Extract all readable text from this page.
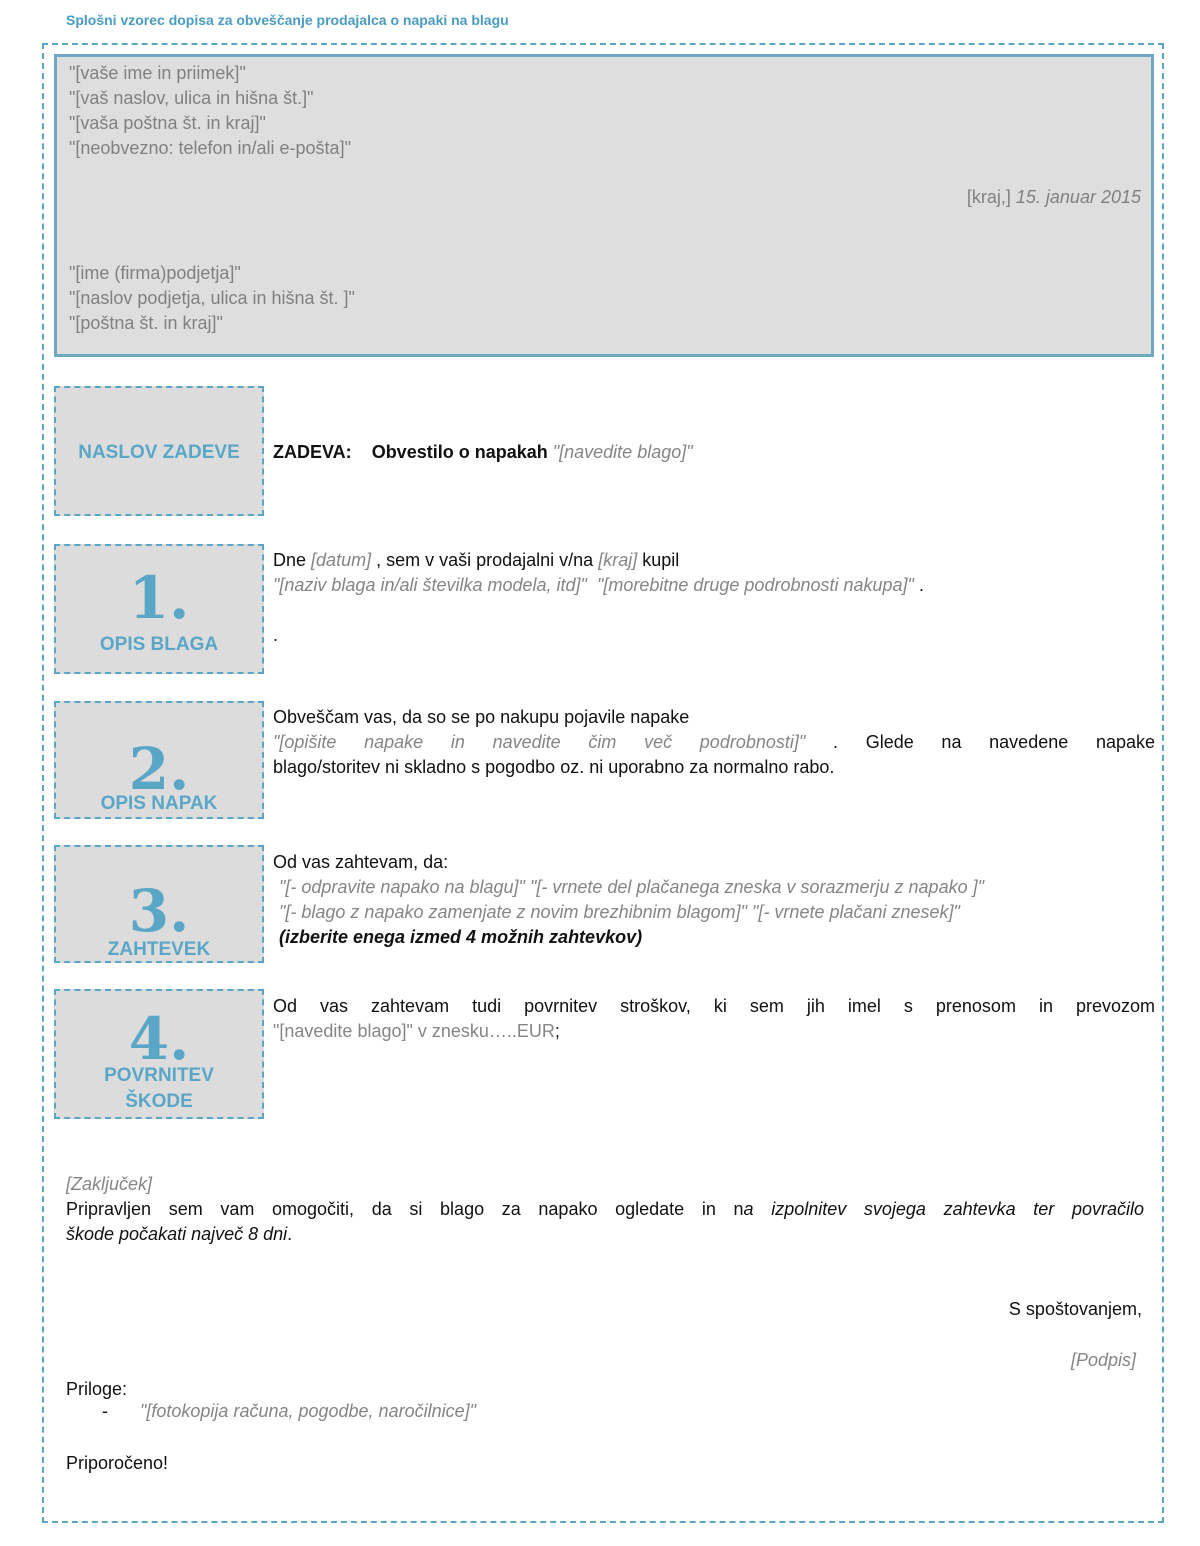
Splošni vzorec dopisa za obveščanje prodajalca o napaki na blagu
"[vaše ime in priimek]"
"[vaš naslov, ulica in hišna št.]"
"[vaša poštna št. in kraj]"
"[neobvezno: telefon in/ali e-pošta]"
[kraj,] 15. januar 2015
"[ime (firma)podjetja]"
"[naslov podjetja, ulica in hišna št. ]"
"[poštna št. in kraj]"
NASLOV ZADEVE	ZADEVA: Obvestilo o napakah "[navedite blago]"
1.
OPIS BLAGA
Dne [datum] , sem v vaši prodajalni v/na [kraj] kupil
"[naziv blaga in/ali številka modela, itd]" "[morebitne druge podrobnosti nakupa]" .
.
2.
OPIS NAPAK
Obveščam vas, da so se po nakupu pojavile napake
"[opišite napake in navedite čim več podrobnosti]" . Glede na navedene napake
blago/storitev ni skladno s pogodbo oz. ni uporabno za normalno rabo.
3.
ZAHTEVEK
Od vas zahtevam, da:
"[- odpravite napako na blagu]" "[- vrnete del plačanega zneska v sorazmerju z napako ]"
"[- blago z napako zamenjate z novim brezhibnim blagom]" "[- vrnete plačani znesek]"
(izberite enega izmed 4 možnih zahtevkov)
4.
POVRNITEV
ŠKODE
Od vas zahtevam tudi povrnitev stroškov, ki sem jih imel s prenosom in prevozom
"[navedite blago]" v znesku…..EUR;
[Zaključek]
Pripravljen sem vam omogočiti, da si blago za napako ogledate in na izpolnitev svojega zahtevka ter povračilo
škode počakati največ 8 dni.
S spoštovanjem,
[Podpis]
Priloge:
- "[fotokopija računa, pogodbe, naročilnice]"
Priporočeno!
